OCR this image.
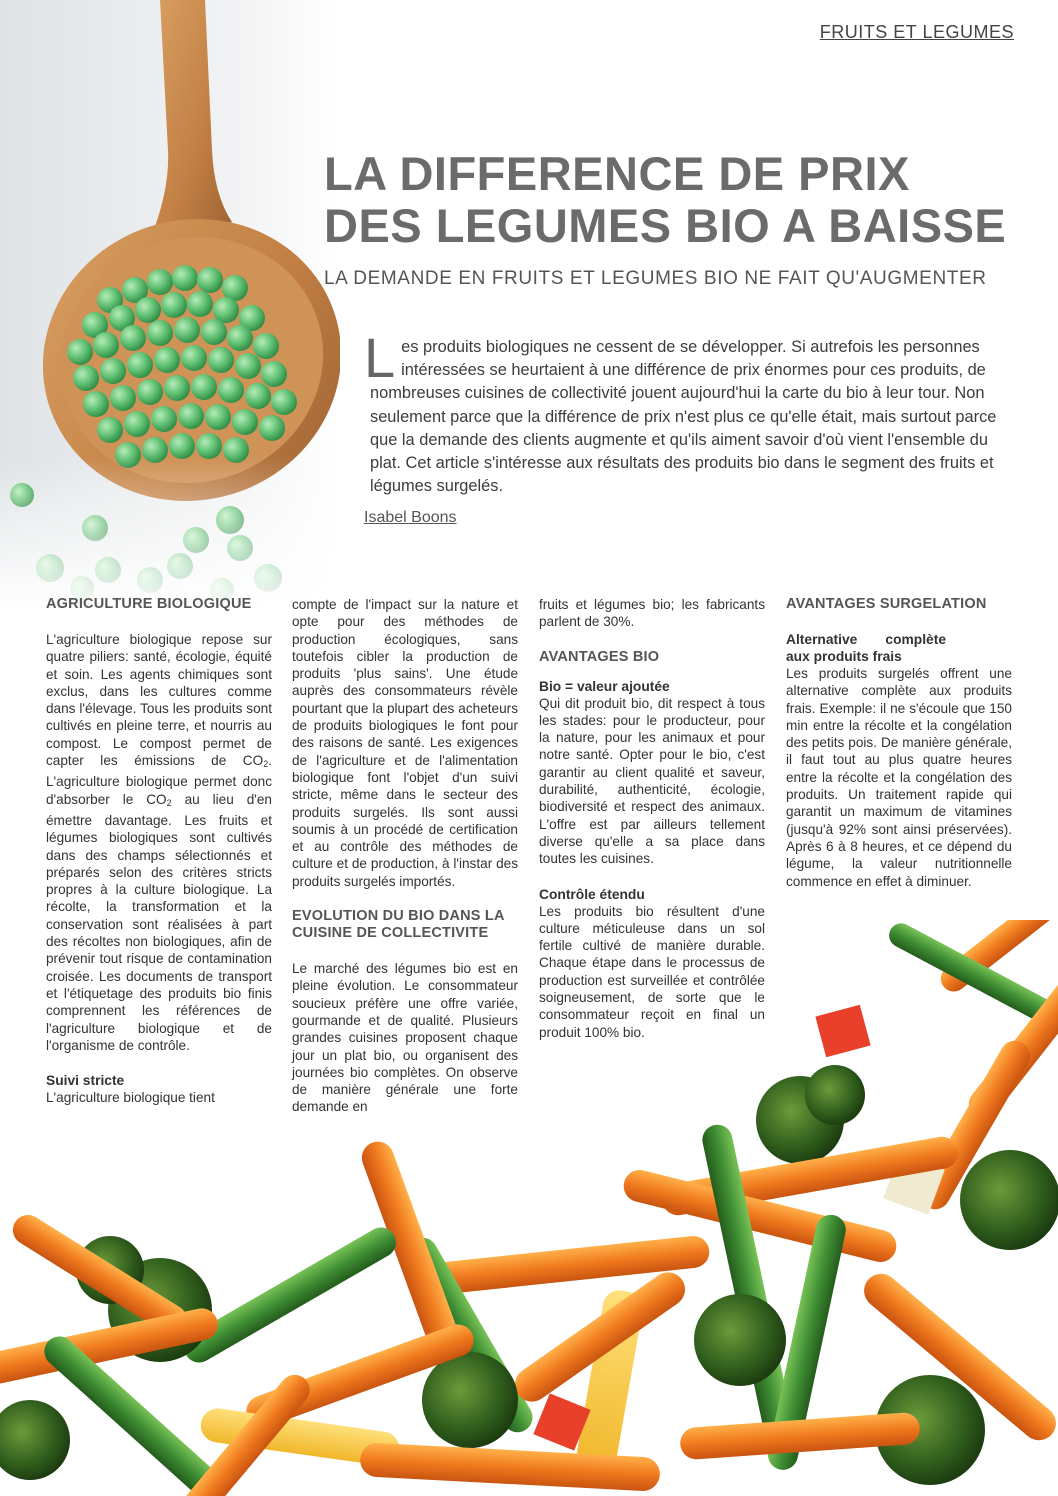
FRUITS ET LEGUMES
LA DIFFERENCE DE PRIX
DES LEGUMES BIO A BAISSE
LA DEMANDE EN FRUITS ET LEGUMES BIO NE FAIT QU'AUGMENTER

Les produits biologiques ne cessent de se développer. Si autrefois les personnes intéressées se heurtaient à une différence de prix énormes pour ces produits, de nombreuses cuisines de collectivité jouent aujourd'hui la carte du bio à leur tour. Non seulement parce que la différence de prix n'est plus ce qu'elle était, mais surtout parce que la demande des clients augmente et qu'ils aiment savoir d'où vient l'ensemble du plat. Cet article s'intéresse aux résultats des produits bio dans le segment des fruits et légumes surgelés.

Isabel Boons
AGRICULTURE BIOLOGIQUE

L'agriculture biologique repose sur quatre piliers: santé, écologie, équité et soin. Les agents chimiques sont exclus, dans les cultures comme dans l'élevage. Tous les produits sont cultivés en pleine terre, et nourris au compost. Le compost permet de capter les émissions de $CO_2$. L'agriculture biologique permet donc d'absorber le $CO_2$ au lieu d'en émettre davantage. Les fruits et légumes biologiques sont cultivés dans des champs sélectionnés et préparés selon des critères stricts propres à la culture biologique. La récolte, la transformation et la conservation sont réalisées à part des récoltes non biologiques, afin de prévenir tout risque de contamination croisée. Les documents de transport et l'étiquetage des produits bio finis comprennent les références de l'agriculture biologique et de l'organisme de contrôle.

Suivi stricte

L'agriculture biologique tient

compte de l'impact sur la nature et opte pour des méthodes de production écologiques, sans toutefois cibler la production de produits 'plus sains'. Une étude auprès des consommateurs révèle pourtant que la plupart des acheteurs de produits biologiques le font pour des raisons de santé. Les exigences de l'agriculture et de l'alimentation biologique font l'objet d'un suivi stricte, même dans le secteur des produits surgelés. Ils sont aussi soumis à un procédé de certification et au contrôle des méthodes de culture et de production, à l'instar des produits surgelés importés.

EVOLUTION DU BIO DANS LA CUISINE DE COLLECTIVITE

Le marché des légumes bio est en pleine évolution. Le consommateur soucieux préfère une offre variée, gourmande et de qualité. Plusieurs grandes cuisines proposent chaque jour un plat bio, ou organisent des journées bio complètes. On observe de manière générale une forte demande en

fruits et légumes bio; les fabricants parlent de 30%.

AVANTAGES BIO
Bio = valeur ajoutée

Qui dit produit bio, dit respect à tous les stades: pour le producteur, pour la nature, pour les animaux et pour notre santé. Opter pour le bio, c'est garantir au client qualité et saveur, durabilité, authenticité, écologie, biodiversité et respect des animaux. L'offre est par ailleurs tellement diverse qu'elle a sa place dans toutes les cuisines.

Contrôle étendu

Les produits bio résultent d'une culture méticuleuse dans un sol fertile cultivé de manière durable. Chaque étape dans le processus de production est surveillée et contrôlée soigneusement, de sorte que le consommateur reçoit en final un produit 100% bio.

AVANTAGES SURGELATION
Alternative complète aux produits frais

Les produits surgelés offrent une alternative complète aux produits frais. Exemple: il ne s'écoule que 150 min entre la récolte et la congélation des petits pois. De manière générale, il faut tout au plus quatre heures entre la récolte et la congélation des produits. Un traitement rapide qui garantit un maximum de vitamines (jusqu'à 92% sont ainsi préservées). Après 6 à 8 heures, et ce dépend du légume, la valeur nutritionnelle commence en effet à diminuer.
